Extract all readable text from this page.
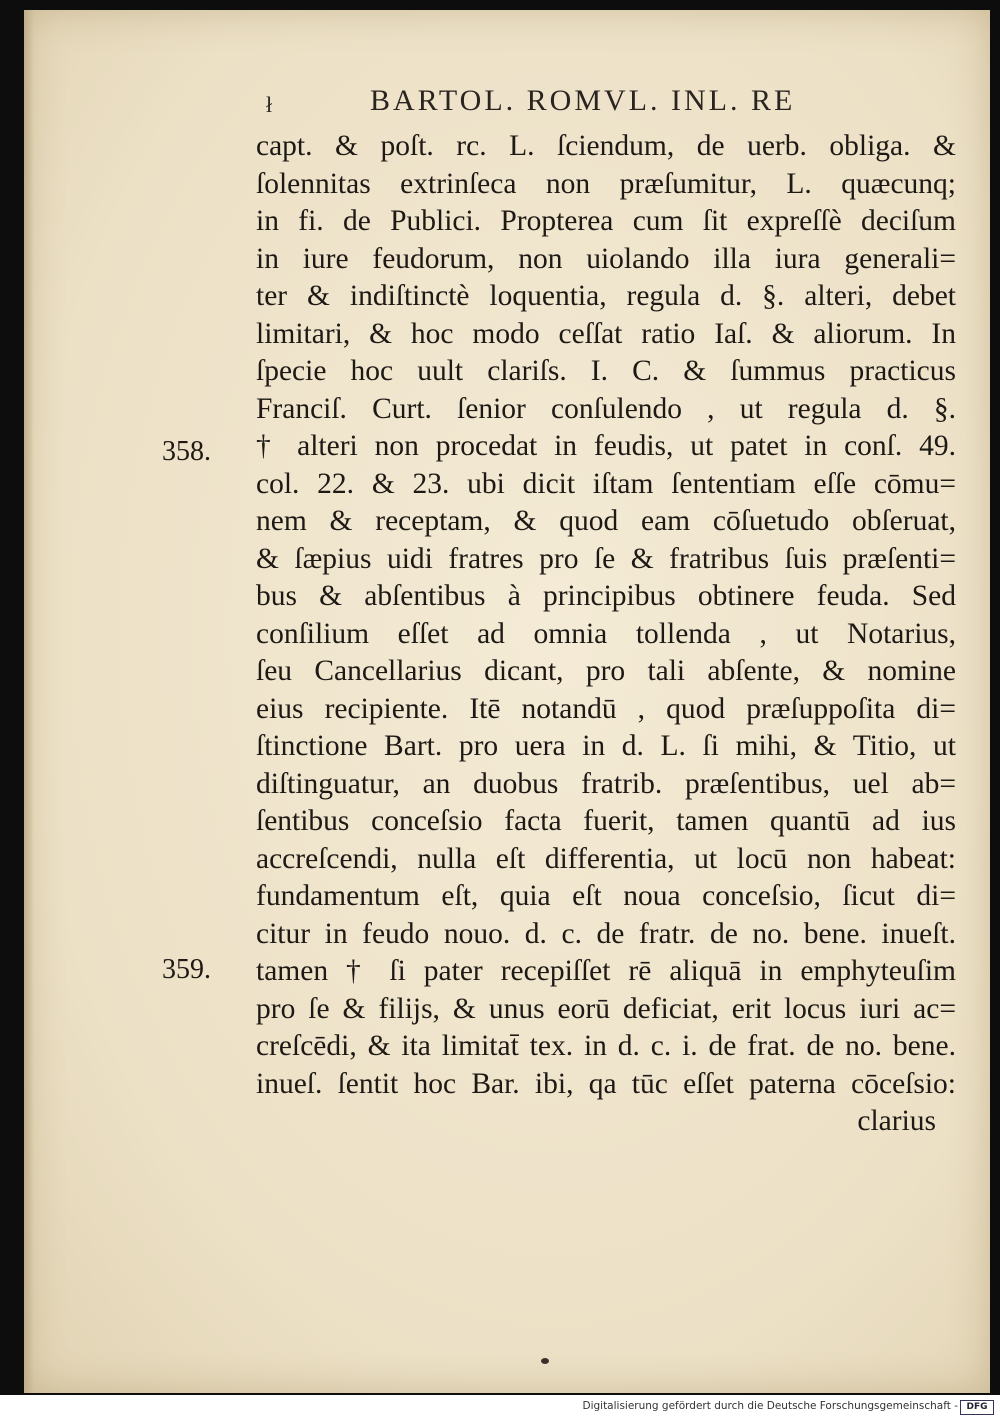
ł	BARTOL. ROMVL. INL. RE
358.
359.
capt. & poſt. rc. L. ſciendum, de uerb. obliga. &
ſolennitas extrinſeca non præſumitur, L. quæcunq;
in fi. de Publici. Propterea cum ſit expreſſè deciſum
in iure feudorum, non uiolando illa iura generali=
ter & indiſtinctè loquentia, regula d. §. alteri, debet
limitari, & hoc modo ceſſat ratio Iaſ. & aliorum. In
ſpecie hoc uult clariſs. I. C. & ſummus practicus
Franciſ. Curt. ſenior conſulendo , ut regula d. §.
† alteri non procedat in feudis, ut patet in conſ. 49.
col. 22. & 23. ubi dicit iſtam ſententiam eſſe cōmu=
nem & receptam, & quod eam cōſuetudo obſeruat,
& ſæpius uidi fratres pro ſe & fratribus ſuis præſenti=
bus & abſentibus à principibus obtinere feuda. Sed
conſilium eſſet ad omnia tollenda , ut Notarius,
ſeu Cancellarius dicant, pro tali abſente, & nomine
eius recipiente. Itē notandū , quod præſuppoſita di=
ſtinctione Bart. pro uera in d. L. ſi mihi, & Titio, ut
diſtinguatur, an duobus fratrib. præſentibus, uel ab=
ſentibus conceſsio facta fuerit, tamen quantū ad ius
accreſcendi, nulla eſt differentia, ut locū non habeat:
fundamentum eſt, quia eſt noua conceſsio, ſicut di=
citur in feudo nouo. d. c. de fratr. de no. bene. inueſt.
tamen † ſi pater recepiſſet rē aliquā in emphyteuſim
pro ſe & filijs, & unus eorū deficiat, erit locus iuri ac=
creſcēdi, & ita limitat̄ tex. in d. c. i. de frat. de no. bene.
inueſ. ſentit hoc Bar. ibi, qa tūc eſſet paterna cōceſsio:
clarius
Digitalisierung gefördert durch die Deutsche Forschungsgemeinschaft - DFG
